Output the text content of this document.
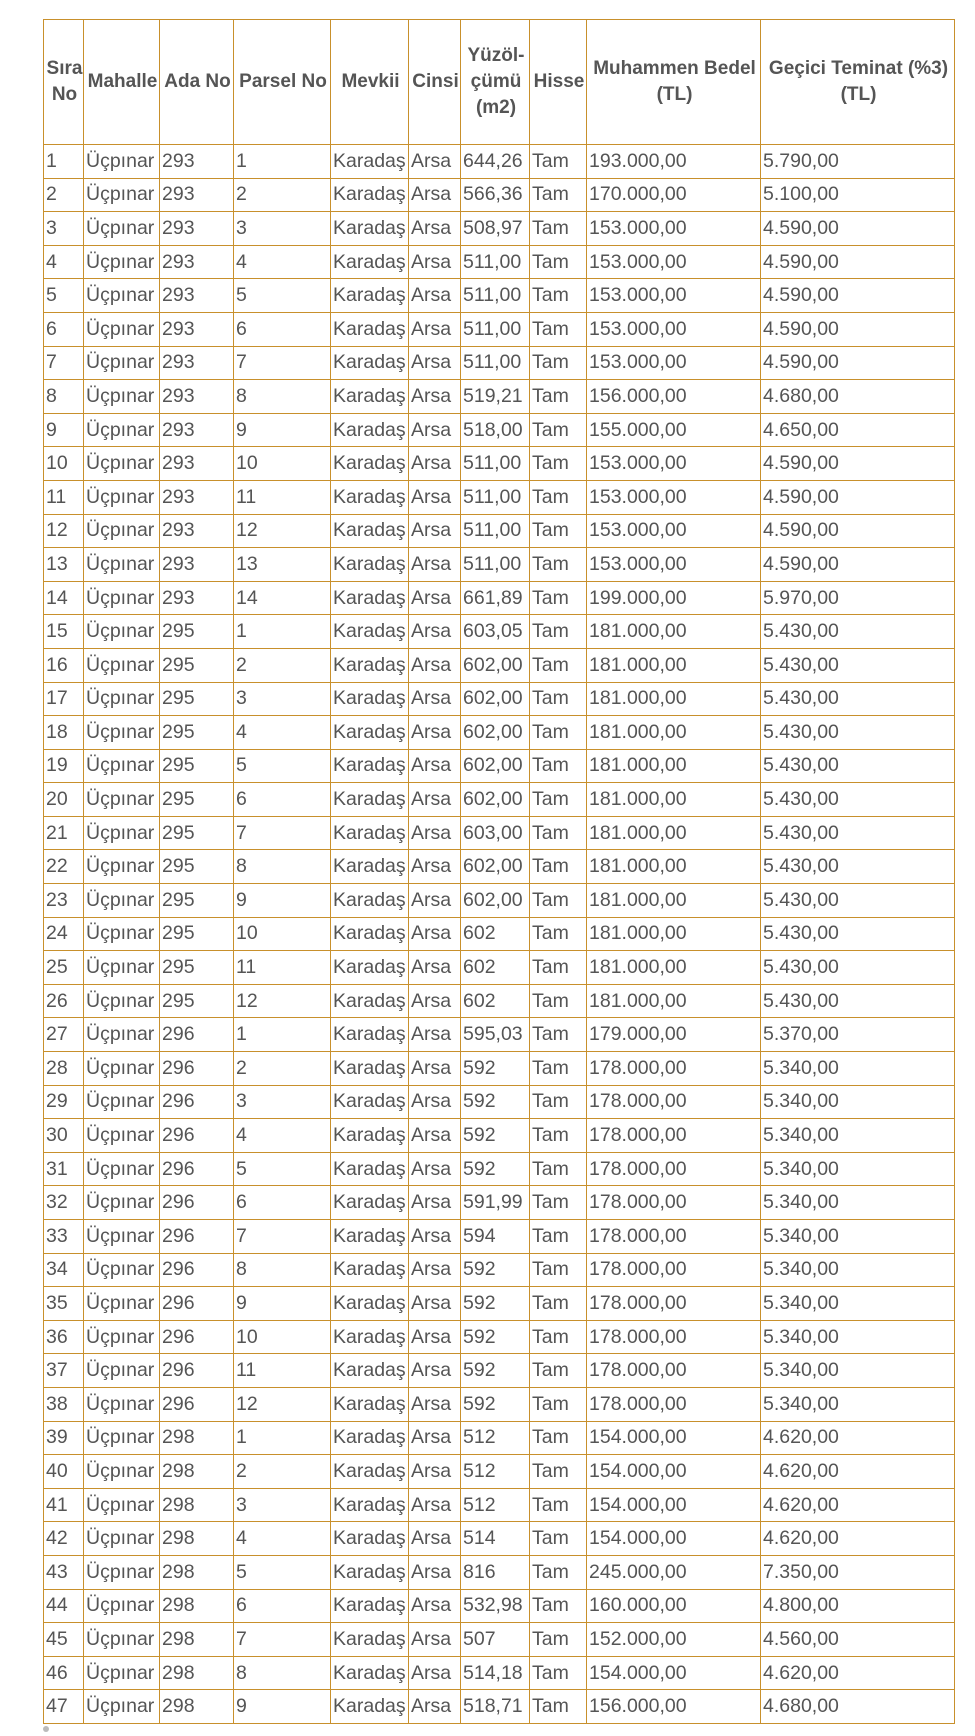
Sıra No	Mahalle	Ada No	Parsel No	Mevkii	Cinsi	Yüzöl-çümü (m2)	Hisse	Muhammen Bedel (TL)	Geçici Teminat (%3) (TL)
1	Üçpınar	293	1	Karadaş	Arsa	644,26	Tam	193.000,00	5.790,00
2	Üçpınar	293	2	Karadaş	Arsa	566,36	Tam	170.000,00	5.100,00
3	Üçpınar	293	3	Karadaş	Arsa	508,97	Tam	153.000,00	4.590,00
4	Üçpınar	293	4	Karadaş	Arsa	511,00	Tam	153.000,00	4.590,00
5	Üçpınar	293	5	Karadaş	Arsa	511,00	Tam	153.000,00	4.590,00
6	Üçpınar	293	6	Karadaş	Arsa	511,00	Tam	153.000,00	4.590,00
7	Üçpınar	293	7	Karadaş	Arsa	511,00	Tam	153.000,00	4.590,00
8	Üçpınar	293	8	Karadaş	Arsa	519,21	Tam	156.000,00	4.680,00
9	Üçpınar	293	9	Karadaş	Arsa	518,00	Tam	155.000,00	4.650,00
10	Üçpınar	293	10	Karadaş	Arsa	511,00	Tam	153.000,00	4.590,00
11	Üçpınar	293	11	Karadaş	Arsa	511,00	Tam	153.000,00	4.590,00
12	Üçpınar	293	12	Karadaş	Arsa	511,00	Tam	153.000,00	4.590,00
13	Üçpınar	293	13	Karadaş	Arsa	511,00	Tam	153.000,00	4.590,00
14	Üçpınar	293	14	Karadaş	Arsa	661,89	Tam	199.000,00	5.970,00
15	Üçpınar	295	1	Karadaş	Arsa	603,05	Tam	181.000,00	5.430,00
16	Üçpınar	295	2	Karadaş	Arsa	602,00	Tam	181.000,00	5.430,00
17	Üçpınar	295	3	Karadaş	Arsa	602,00	Tam	181.000,00	5.430,00
18	Üçpınar	295	4	Karadaş	Arsa	602,00	Tam	181.000,00	5.430,00
19	Üçpınar	295	5	Karadaş	Arsa	602,00	Tam	181.000,00	5.430,00
20	Üçpınar	295	6	Karadaş	Arsa	602,00	Tam	181.000,00	5.430,00
21	Üçpınar	295	7	Karadaş	Arsa	603,00	Tam	181.000,00	5.430,00
22	Üçpınar	295	8	Karadaş	Arsa	602,00	Tam	181.000,00	5.430,00
23	Üçpınar	295	9	Karadaş	Arsa	602,00	Tam	181.000,00	5.430,00
24	Üçpınar	295	10	Karadaş	Arsa	602	Tam	181.000,00	5.430,00
25	Üçpınar	295	11	Karadaş	Arsa	602	Tam	181.000,00	5.430,00
26	Üçpınar	295	12	Karadaş	Arsa	602	Tam	181.000,00	5.430,00
27	Üçpınar	296	1	Karadaş	Arsa	595,03	Tam	179.000,00	5.370,00
28	Üçpınar	296	2	Karadaş	Arsa	592	Tam	178.000,00	5.340,00
29	Üçpınar	296	3	Karadaş	Arsa	592	Tam	178.000,00	5.340,00
30	Üçpınar	296	4	Karadaş	Arsa	592	Tam	178.000,00	5.340,00
31	Üçpınar	296	5	Karadaş	Arsa	592	Tam	178.000,00	5.340,00
32	Üçpınar	296	6	Karadaş	Arsa	591,99	Tam	178.000,00	5.340,00
33	Üçpınar	296	7	Karadaş	Arsa	594	Tam	178.000,00	5.340,00
34	Üçpınar	296	8	Karadaş	Arsa	592	Tam	178.000,00	5.340,00
35	Üçpınar	296	9	Karadaş	Arsa	592	Tam	178.000,00	5.340,00
36	Üçpınar	296	10	Karadaş	Arsa	592	Tam	178.000,00	5.340,00
37	Üçpınar	296	11	Karadaş	Arsa	592	Tam	178.000,00	5.340,00
38	Üçpınar	296	12	Karadaş	Arsa	592	Tam	178.000,00	5.340,00
39	Üçpınar	298	1	Karadaş	Arsa	512	Tam	154.000,00	4.620,00
40	Üçpınar	298	2	Karadaş	Arsa	512	Tam	154.000,00	4.620,00
41	Üçpınar	298	3	Karadaş	Arsa	512	Tam	154.000,00	4.620,00
42	Üçpınar	298	4	Karadaş	Arsa	514	Tam	154.000,00	4.620,00
43	Üçpınar	298	5	Karadaş	Arsa	816	Tam	245.000,00	7.350,00
44	Üçpınar	298	6	Karadaş	Arsa	532,98	Tam	160.000,00	4.800,00
45	Üçpınar	298	7	Karadaş	Arsa	507	Tam	152.000,00	4.560,00
46	Üçpınar	298	8	Karadaş	Arsa	514,18	Tam	154.000,00	4.620,00
47	Üçpınar	298	9	Karadaş	Arsa	518,71	Tam	156.000,00	4.680,00
